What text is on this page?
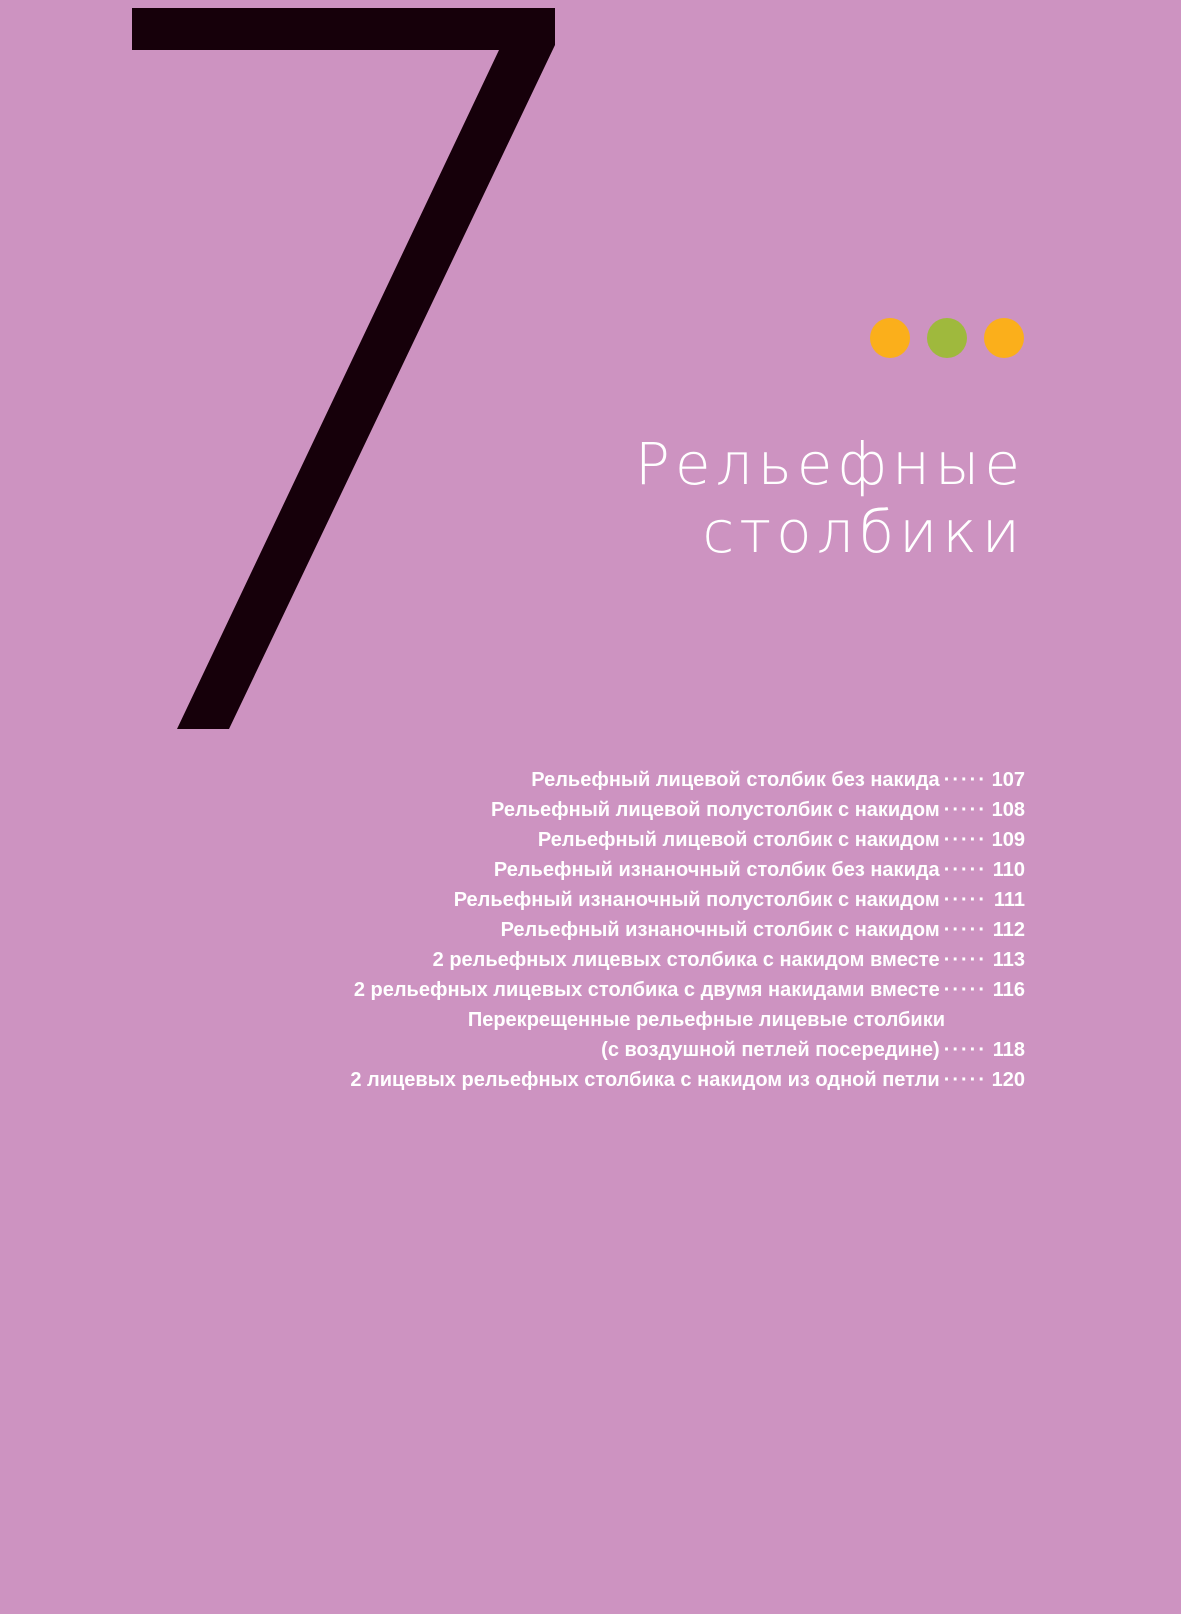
7
Рельефные
столбики
Рельефный лицевой столбик без накида ····· 107
Рельефный лицевой полустолбик с накидом ····· 108
Рельефный лицевой столбик с накидом ····· 109
Рельефный изнаночный столбик без накида ····· 110
Рельефный изнаночный полустолбик с накидом ····· 111
Рельефный изнаночный столбик с накидом ····· 112
2 рельефных лицевых столбика с накидом вместе ····· 113
2 рельефных лицевых столбика с двумя накидами вместе ····· 116
Перекрещенные рельефные лицевые столбики
(с воздушной петлей посередине) ····· 118
2 лицевых рельефных столбика с накидом из одной петли ····· 120
